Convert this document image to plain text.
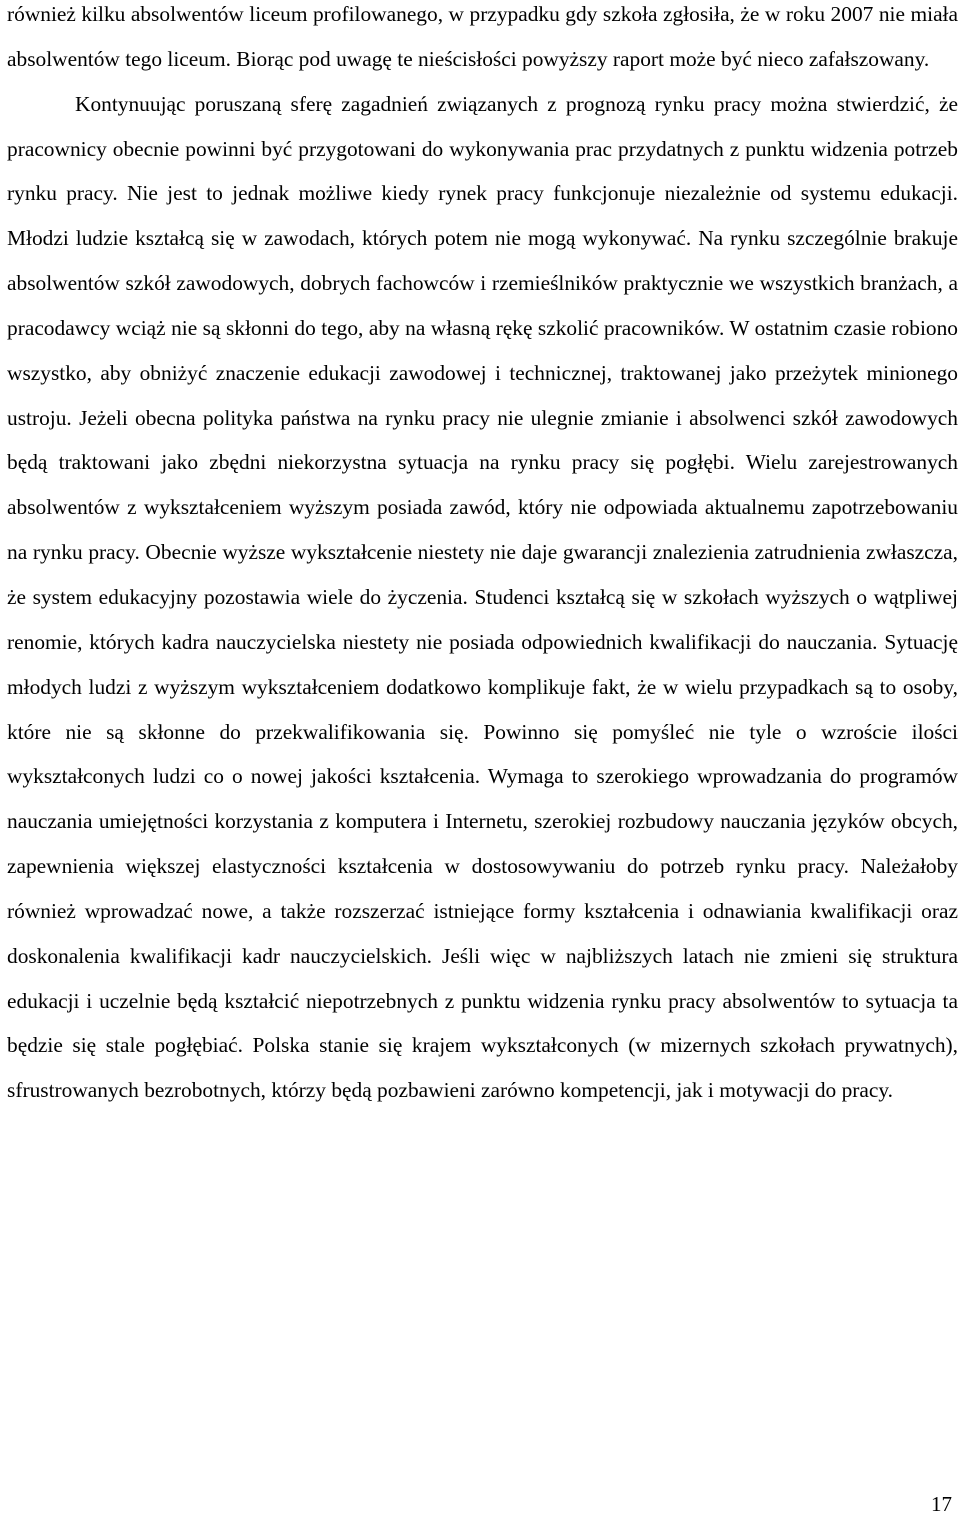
również kilku absolwentów liceum profilowanego, w przypadku gdy szkoła zgłosiła, że w roku 2007 nie miała absolwentów tego liceum. Biorąc pod uwagę te nieścisłości powyższy raport może być nieco zafałszowany.

Kontynuując poruszaną sferę zagadnień związanych z prognozą rynku pracy można stwierdzić, że pracownicy obecnie powinni być przygotowani do wykonywania prac przydatnych z punktu widzenia potrzeb rynku pracy. Nie jest to jednak możliwe kiedy rynek pracy funkcjonuje niezależnie od systemu edukacji. Młodzi ludzie kształcą się w zawodach, których potem nie mogą wykonywać. Na rynku szczególnie brakuje absolwentów szkół zawodowych, dobrych fachowców i rzemieślników praktycznie we wszystkich branżach, a pracodawcy wciąż nie są skłonni do tego, aby na własną rękę szkolić pracowników. W ostatnim czasie robiono wszystko, aby obniżyć znaczenie edukacji zawodowej i technicznej, traktowanej jako przeżytek minionego ustroju. Jeżeli obecna polityka państwa na rynku pracy nie ulegnie zmianie i absolwenci szkół zawodowych będą traktowani jako zbędni niekorzystna sytuacja na rynku pracy się pogłębi. Wielu zarejestrowanych absolwentów z wykształceniem wyższym posiada zawód, który nie odpowiada aktualnemu zapotrzebowaniu na rynku pracy. Obecnie wyższe wykształcenie niestety nie daje gwarancji znalezienia zatrudnienia zwłaszcza, że system edukacyjny pozostawia wiele do życzenia. Studenci kształcą się w szkołach wyższych o wątpliwej renomie, których kadra nauczycielska niestety nie posiada odpowiednich kwalifikacji do nauczania. Sytuację młodych ludzi z wyższym wykształceniem dodatkowo komplikuje fakt, że w wielu przypadkach są to osoby, które nie są skłonne do przekwalifikowania się. Powinno się pomyśleć nie tyle o wzroście ilości wykształconych ludzi co o nowej jakości kształcenia. Wymaga to szerokiego wprowadzania do programów nauczania umiejętności korzystania z komputera i Internetu, szerokiej rozbudowy nauczania języków obcych, zapewnienia większej elastyczności kształcenia w dostosowywaniu do potrzeb rynku pracy. Należałoby również wprowadzać nowe, a także rozszerzać istniejące formy kształcenia i odnawiania kwalifikacji oraz doskonalenia kwalifikacji kadr nauczycielskich. Jeśli więc w najbliższych latach nie zmieni się struktura edukacji i uczelnie będą kształcić niepotrzebnych z punktu widzenia rynku pracy absolwentów to sytuacja ta będzie się stale pogłębiać. Polska stanie się krajem wykształconych (w mizernych szkołach prywatnych), sfrustrowanych bezrobotnych, którzy będą pozbawieni zarówno kompetencji, jak i motywacji do pracy.

17
